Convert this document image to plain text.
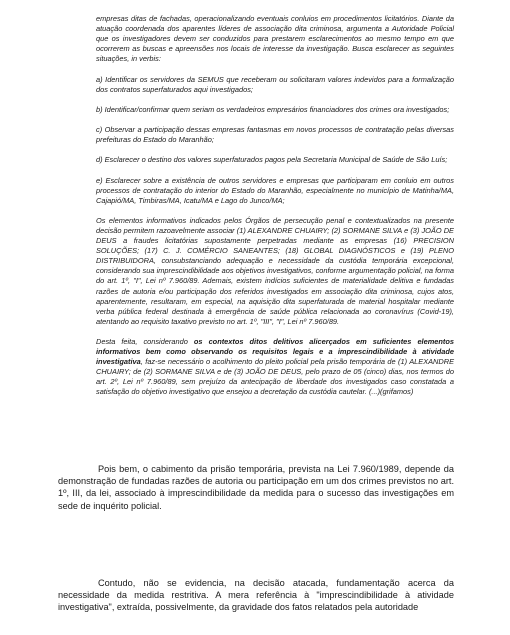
empresas ditas de fachadas, operacionalizando eventuais conluios em procedimentos licitatórios. Diante da atuação coordenada dos aparentes líderes de associação dita criminosa, argumenta a Autoridade Policial que os investigadores devem ser conduzidos para prestarem esclarecimentos ao mesmo tempo em que ocorrerem as buscas e apreensões nos locais de interesse da investigação. Busca esclarecer as seguintes situações, in verbis:

a) Identificar os servidores da SEMUS que receberam ou solicitaram valores indevidos para a formalização dos contratos superfaturados aqui investigados;

b) Identificar/confirmar quem seriam os verdadeiros empresários financiadores dos crimes ora investigados;

c) Observar a participação dessas empresas fantasmas em novos processos de contratação pelas diversas prefeituras do Estado do Maranhão;

d) Esclarecer o destino dos valores superfaturados pagos pela Secretaria Municipal de Saúde de São Luís;

e) Esclarecer sobre a existência de outros servidores e empresas que participaram em conluio em outros processos de contratação do interior do Estado do Maranhão, especialmente no município de Matinha/MA, Cajapió/MA, Timbiras/MA, Icatu/MA e Lago do Junco/MA;

Os elementos informativos indicados pelos Órgãos de persecução penal e contextualizados na presente decisão permitem razoavelmente associar (1) ALEXANDRE CHUAIRY; (2) SORMANE SILVA e (3) JOÃO DE DEUS a fraudes licitatórias supostamente perpetradas mediante as empresas (16) PRECISION SOLUÇÕES; (17) C. J. COMÉRCIO SANEANTES; (18) GLOBAL DIAGNÓSTICOS e (19) PLENO DISTRIBUIDORA, consubstanciando adequação e necessidade da custódia temporária excepcional, considerando sua imprescindibilidade aos objetivos investigativos, conforme argumentação policial, na forma do art. 1º, "I", Lei nº 7.960/89. Ademais, existem indícios suficientes de materialidade delitiva e fundadas razões de autoria e/ou participação dos referidos investigados em associação dita criminosa, cujos atos, aparentemente, resultaram, em especial, na aquisição dita superfaturada de material hospitalar mediante verba pública federal destinada à emergência de saúde pública relacionada ao coronavírus (Covid-19), atentando ao requisito taxativo previsto no art. 1º, "III", "I", Lei nº 7.960/89.

Desta feita, considerando os contextos ditos delitivos alicerçados em suficientes elementos informativos bem como observando os requisitos legais e a imprescindibilidade à atividade investigativa, faz-se necessário o acolhimento do pleito policial pela prisão temporária de (1) ALEXANDRE CHUAIRY; de (2) SORMANE SILVA e de (3) JOÃO DE DEUS, pelo prazo de 05 (cinco) dias, nos termos do art. 2º, Lei nº 7.960/89, sem prejuízo da antecipação de liberdade dos investigados caso constatada a satisfação do objetivo investigativo que ensejou a decretação da custódia cautelar. (...)(grifamos)

Pois bem, o cabimento da prisão temporária, prevista na Lei 7.960/1989, depende da demonstração de fundadas razões de autoria ou participação em um dos crimes previstos no art. 1º, III, da lei, associado à imprescindibilidade da medida para o sucesso das investigações em sede de inquérito policial.

Contudo, não se evidencia, na decisão atacada, fundamentação acerca da necessidade da medida restritiva. A mera referência à "imprescindibilidade à atividade investigativa", extraída, possivelmente, da gravidade dos fatos relatados pela autoridade
